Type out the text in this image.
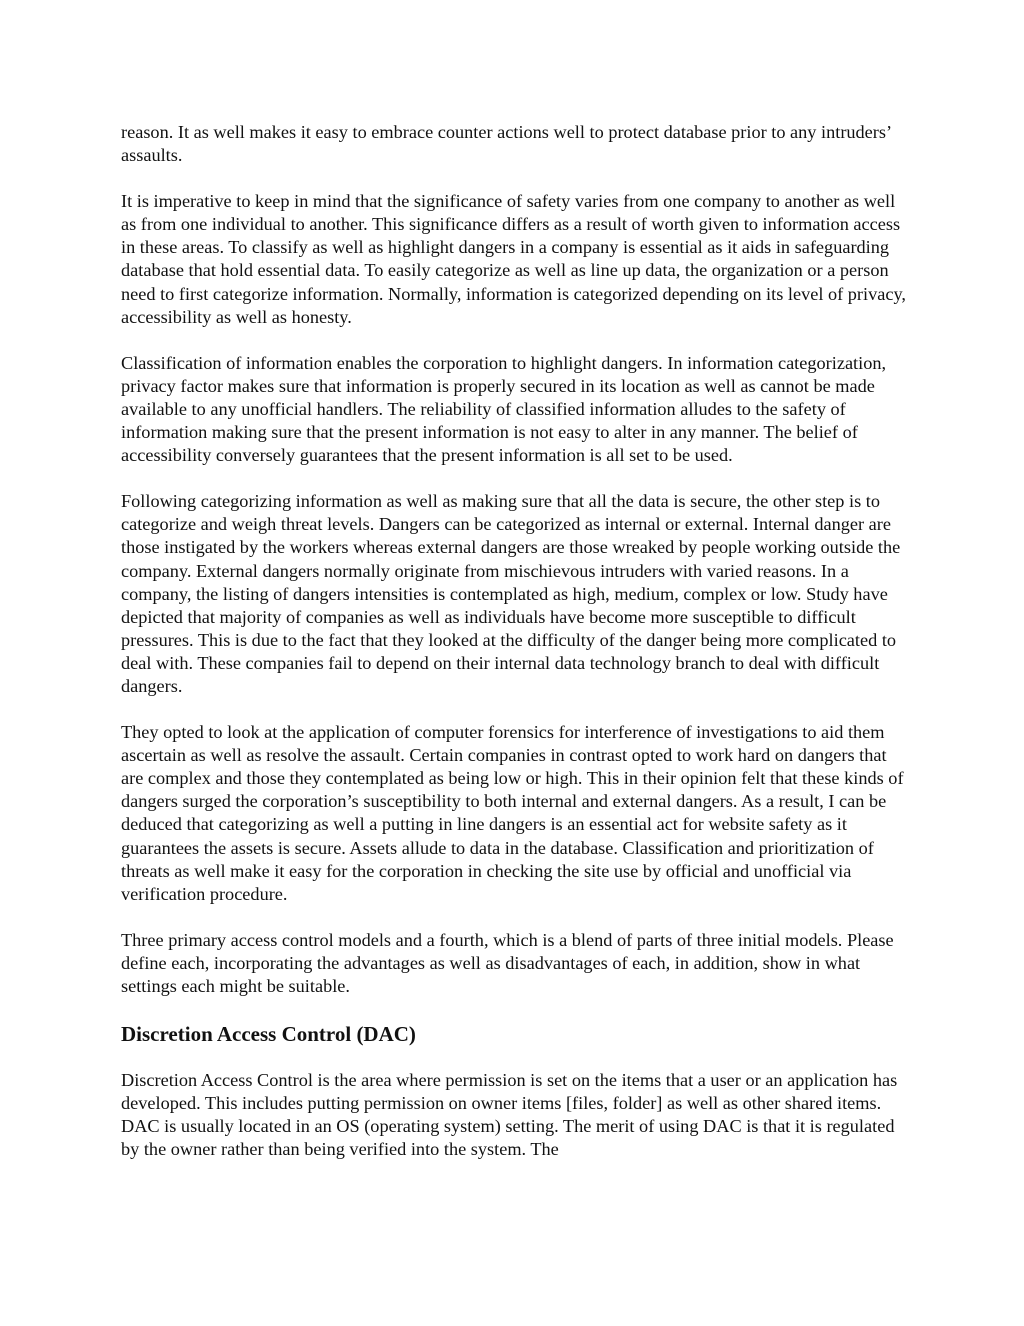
reason. It as well makes it easy to embrace counter actions well to protect database prior to any intruders’ assaults.

It is imperative to keep in mind that the significance of safety varies from one company to another as well as from one individual to another. This significance differs as a result of worth given to information access in these areas. To classify as well as highlight dangers in a company is essential as it aids in safeguarding database that hold essential data. To easily categorize as well as line up data, the organization or a person need to first categorize information. Normally, information is categorized depending on its level of privacy, accessibility as well as honesty.

Classification of information enables the corporation to highlight dangers. In information categorization, privacy factor makes sure that information is properly secured in its location as well as cannot be made available to any unofficial handlers. The reliability of classified information alludes to the safety of information making sure that the present information is not easy to alter in any manner. The belief of accessibility conversely guarantees that the present information is all set to be used.

Following categorizing information as well as making sure that all the data is secure, the other step is to categorize and weigh threat levels. Dangers can be categorized as internal or external. Internal danger are those instigated by the workers whereas external dangers are those wreaked by people working outside the company. External dangers normally originate from mischievous intruders with varied reasons. In a company, the listing of dangers intensities is contemplated as high, medium, complex or low. Study have depicted that majority of companies as well as individuals have become more susceptible to difficult pressures. This is due to the fact that they looked at the difficulty of the danger being more complicated to deal with. These companies fail to depend on their internal data technology branch to deal with difficult dangers.

They opted to look at the application of computer forensics for interference of investigations to aid them ascertain as well as resolve the assault. Certain companies in contrast opted to work hard on dangers that are complex and those they contemplated as being low or high. This in their opinion felt that these kinds of dangers surged the corporation’s susceptibility to both internal and external dangers. As a result, I can be deduced that categorizing as well a putting in line dangers is an essential act for website safety as it guarantees the assets is secure. Assets allude to data in the database. Classification and prioritization of threats as well make it easy for the corporation in checking the site use by official and unofficial via verification procedure.

Three primary access control models and a fourth, which is a blend of parts of three initial models. Please define each, incorporating the advantages as well as disadvantages of each, in addition, show in what settings each might be suitable.

Discretion Access Control (DAC)

Discretion Access Control is the area where permission is set on the items that a user or an application has developed. This includes putting permission on owner items [files, folder] as well as other shared items. DAC is usually located in an OS (operating system) setting. The merit of using DAC is that it is regulated by the owner rather than being verified into the system. The
